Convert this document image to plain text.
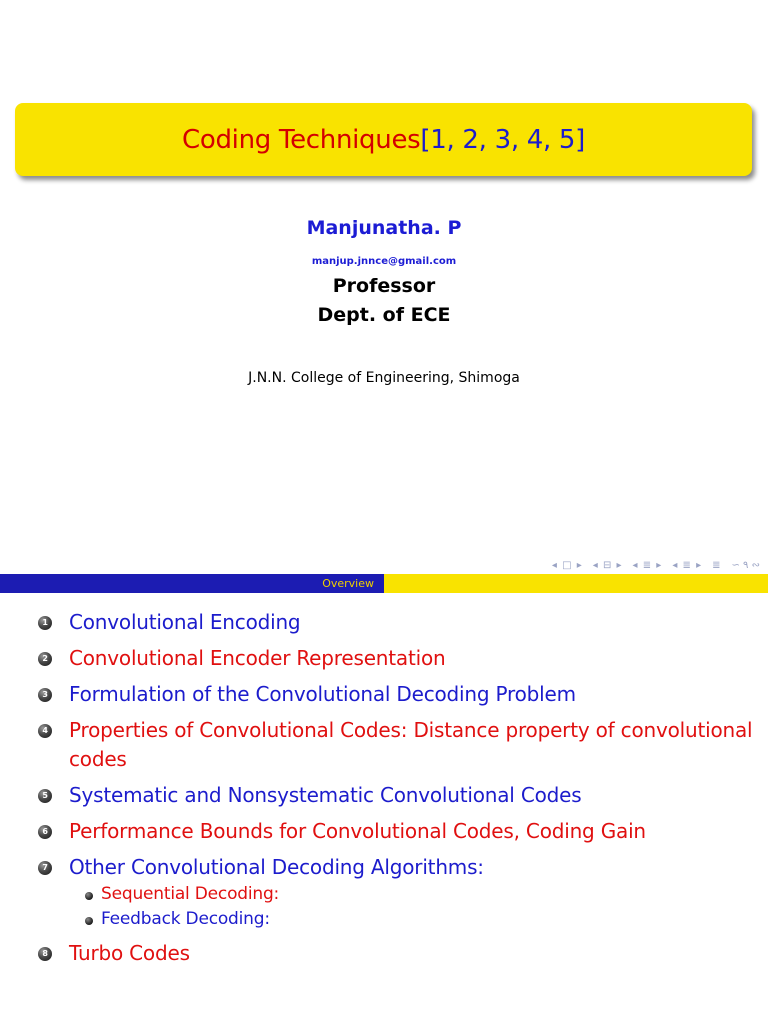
Coding Techniques [1, 2, 3, 4, 5]
Manjunatha. P
manjup.jnnce@gmail.com
Professor
Dept. of ECE
J.N.N. College of Engineering, Shimoga
◂ □ ▸ ◂ ⊟ ▸ ◂ ≣ ▸ ◂ ≣ ▸ ≣ ∽ ۹ ∾
Overview
1 Convolutional Encoding
2 Convolutional Encoder Representation
3 Formulation of the Convolutional Decoding Problem
4 Properties of Convolutional Codes: Distance property of convolutional codes
5 Systematic and Nonsystematic Convolutional Codes
6 Performance Bounds for Convolutional Codes, Coding Gain
7 Other Convolutional Decoding Algorithms:
Sequential Decoding:
Feedback Decoding:
8 Turbo Codes
